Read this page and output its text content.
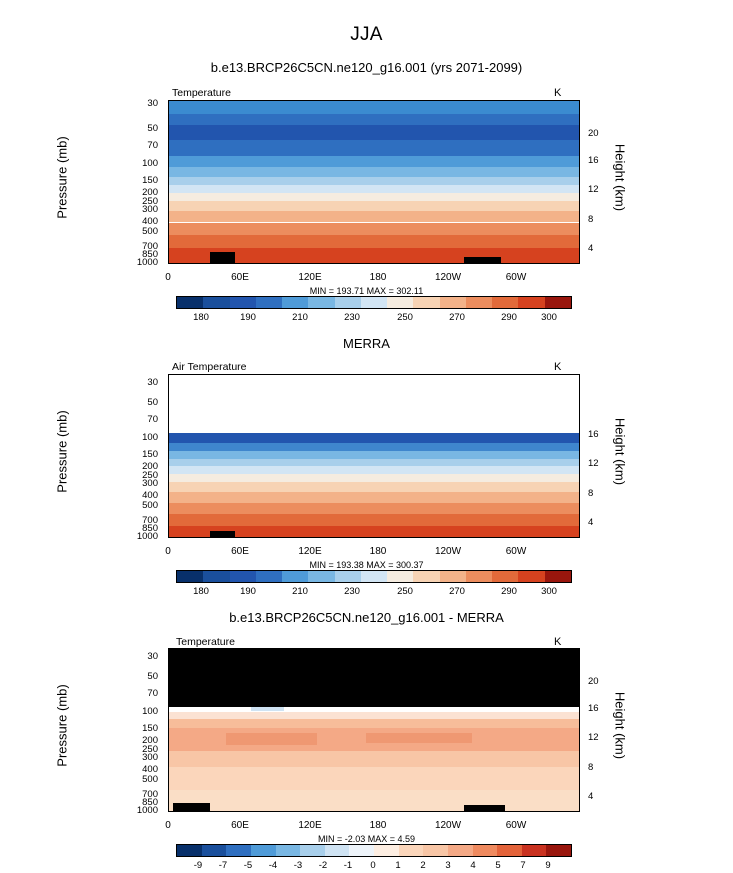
JJA
b.e13.BRCP26C5CN.ne120_g16.001 (yrs 2071-2099)
Temperature	K
Pressure (mb)	Height (km)
30
50
70
100
150
200
250
300
400
500
700
850
1000
20
16
12
8
4
MIN = 193.71 MAX = 302.11
0	60E	120E	180	120W	60W
180	190	210	230	250	270	290	300
MERRA
Air Temperature	K
Pressure (mb)	Height (km)
30
50
70
100
150
200
250
300
400
500
700
850
1000
16
12
8
4
MIN = 193.38 MAX = 300.37
0	60E	120E	180	120W	60W
180	190	210	230	250	270	290	300
b.e13.BRCP26C5CN.ne120_g16.001 - MERRA
Temperature	K
Pressure (mb)	Height (km)
30
50
70
100
150
200
250
300
400
500
700
850
1000
20
16
12
8
4
MIN = -2.03 MAX = 4.59
0	60E	120E	180	120W	60W
-9	-7	-5	-4	-3	-2	-1	0	1	2	3	4	5	7	9
